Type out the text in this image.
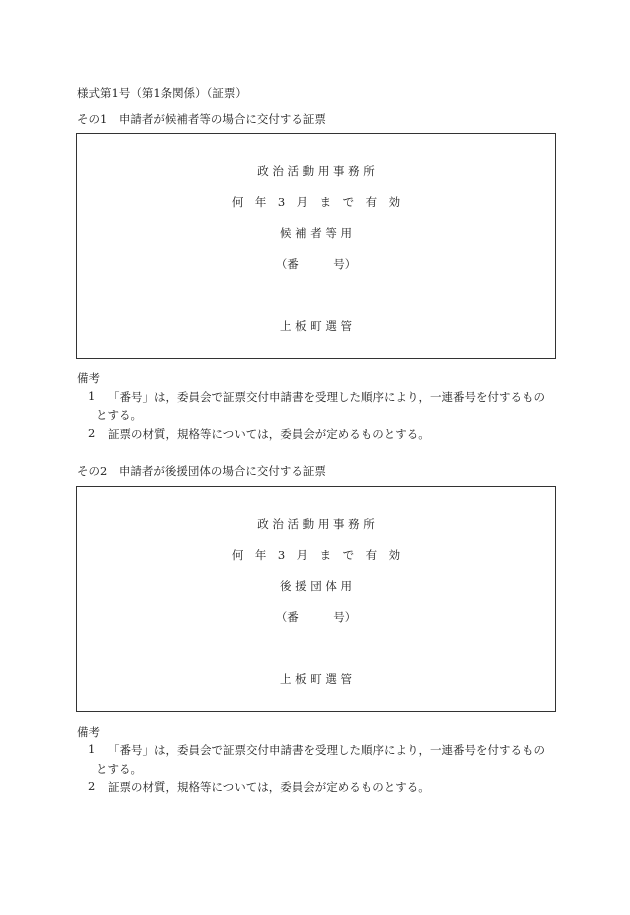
様式第1号（第1条関係）（証票）
その1　申請者が候補者等の場合に交付する証票
政 治 活 動 用 事 務 所
何　年　3　月　ま　で　有　効
候 補 者 等 用
（番　　　号）
上 板 町 選 管
備考
1 「番号」は，委員会で証票交付申請書を受理した順序により，一連番号を付するもの
とする。
2 証票の材質，規格等については，委員会が定めるものとする。
その2　申請者が後援団体の場合に交付する証票
政 治 活 動 用 事 務 所
何　年　3　月　ま　で　有　効
後 援 団 体 用
（番　　　号）
上 板 町 選 管
備考
1 「番号」は，委員会で証票交付申請書を受理した順序により，一連番号を付するもの
とする。
2 証票の材質，規格等については，委員会が定めるものとする。
